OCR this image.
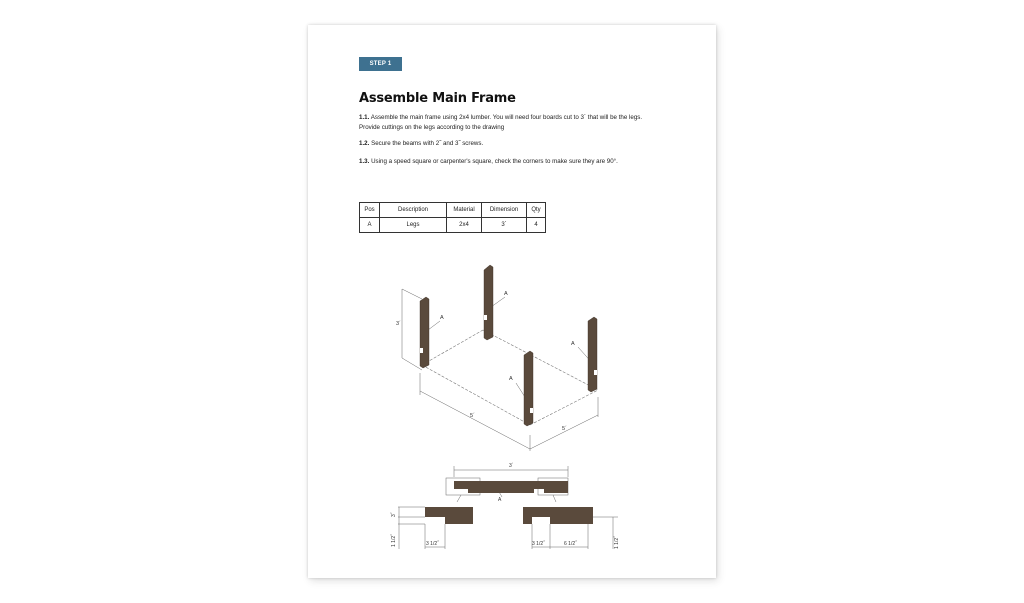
STEP 1
Assemble Main Frame
1.1. Assemble the main frame using 2x4 lumber. You will need four boards cut to 3´ that will be the legs. Provide cuttings on the legs according to the drawing
1.2. Secure the beams with 2˝ and 3˝ screws.
1.3. Using a speed square or carpenter's square, check the corners to make sure they are 90°.
Pos	Description	Material	Dimension	Qty
A	Legs	2x4	3´	4
A
A
A
A
3´
5´
5´
3´
A
3˝
1 1/2˝	3 1/2˝	3 1/2˝	6 1/2˝	1 1/2˝
